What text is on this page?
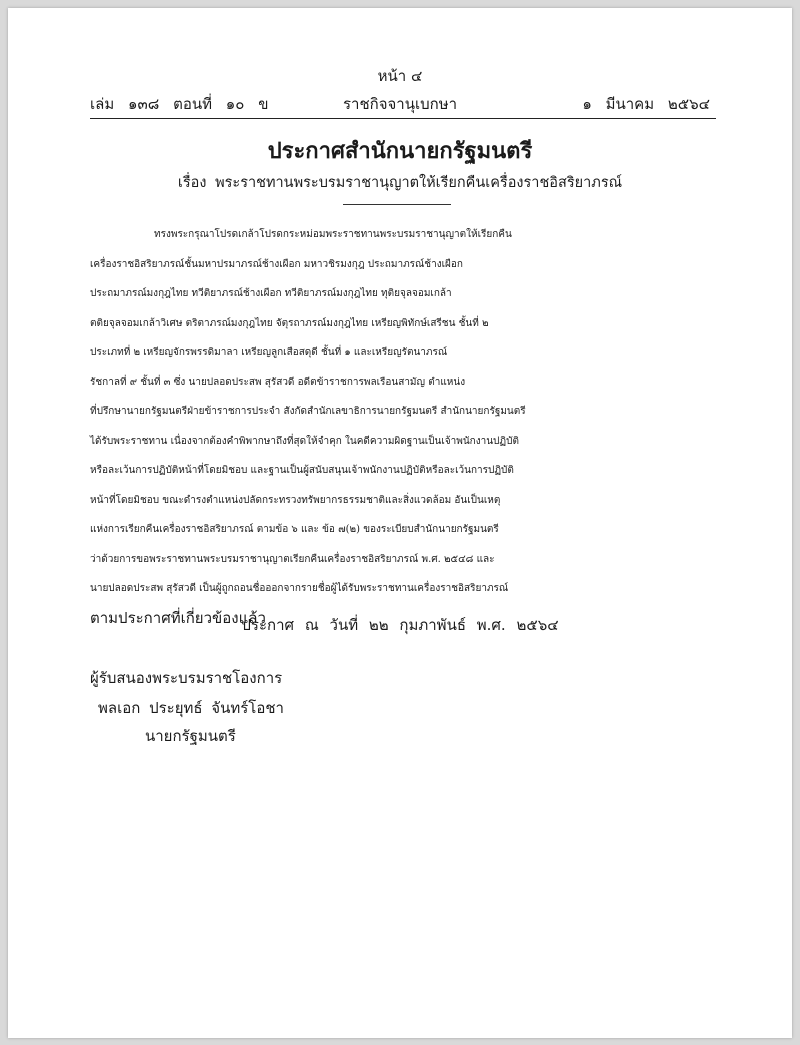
หน้า ๔
เล่ม ๑๓๘ ตอนที่ ๑๐ ข	ราชกิจจานุเบกษา	๑ มีนาคม ๒๕๖๔
ประกาศสำนักนายกรัฐมนตรี
เรื่อง พระราชทานพระบรมราชานุญาตให้เรียกคืนเครื่องราชอิสริยาภรณ์
ทรงพระกรุณาโปรดเกล้าโปรดกระหม่อมพระราชทานพระบรมราชานุญาตให้เรียกคืน
เครื่องราชอิสริยาภรณ์ชั้นมหาปรมาภรณ์ช้างเผือก มหาวชิรมงกุฎ ประถมาภรณ์ช้างเผือก
ประถมาภรณ์มงกุฎไทย ทวีติยาภรณ์ช้างเผือก ทวีติยาภรณ์มงกุฎไทย ทุติยจุลจอมเกล้า
ตติยจุลจอมเกล้าวิเศษ ตริตาภรณ์มงกุฎไทย จัตุรถาภรณ์มงกุฎไทย เหรียญพิทักษ์เสรีชน ชั้นที่ ๒
ประเภทที่ ๒ เหรียญจักรพรรดิมาลา เหรียญลูกเสือสดุดี ชั้นที่ ๑ และเหรียญรัตนาภรณ์
รัชกาลที่ ๙ ชั้นที่ ๓ ซึ่ง นายปลอดประสพ สุรัสวดี อดีตข้าราชการพลเรือนสามัญ ตำแหน่ง
ที่ปรึกษานายกรัฐมนตรีฝ่ายข้าราชการประจำ สังกัดสำนักเลขาธิการนายกรัฐมนตรี สำนักนายกรัฐมนตรี
ได้รับพระราชทาน เนื่องจากต้องคำพิพากษาถึงที่สุดให้จำคุก ในคดีความผิดฐานเป็นเจ้าพนักงานปฏิบัติ
หรือละเว้นการปฏิบัติหน้าที่โดยมิชอบ และฐานเป็นผู้สนับสนุนเจ้าพนักงานปฏิบัติหรือละเว้นการปฏิบัติ
หน้าที่โดยมิชอบ ขณะดำรงตำแหน่งปลัดกระทรวงทรัพยากรธรรมชาติและสิ่งแวดล้อม อันเป็นเหตุ
แห่งการเรียกคืนเครื่องราชอิสริยาภรณ์ ตามข้อ ๖ และ ข้อ ๗(๒) ของระเบียบสำนักนายกรัฐมนตรี
ว่าด้วยการขอพระราชทานพระบรมราชานุญาตเรียกคืนเครื่องราชอิสริยาภรณ์ พ.ศ. ๒๕๔๘ และ
นายปลอดประสพ สุรัสวดี เป็นผู้ถูกถอนชื่อออกจากรายชื่อผู้ได้รับพระราชทานเครื่องราชอิสริยาภรณ์
ตามประกาศที่เกี่ยวข้องแล้ว
ประกาศ ณ วันที่ ๒๒ กุมภาพันธ์ พ.ศ. ๒๕๖๔
ผู้รับสนองพระบรมราชโองการ
พลเอก ประยุทธ์ จันทร์โอชา
นายกรัฐมนตรี
